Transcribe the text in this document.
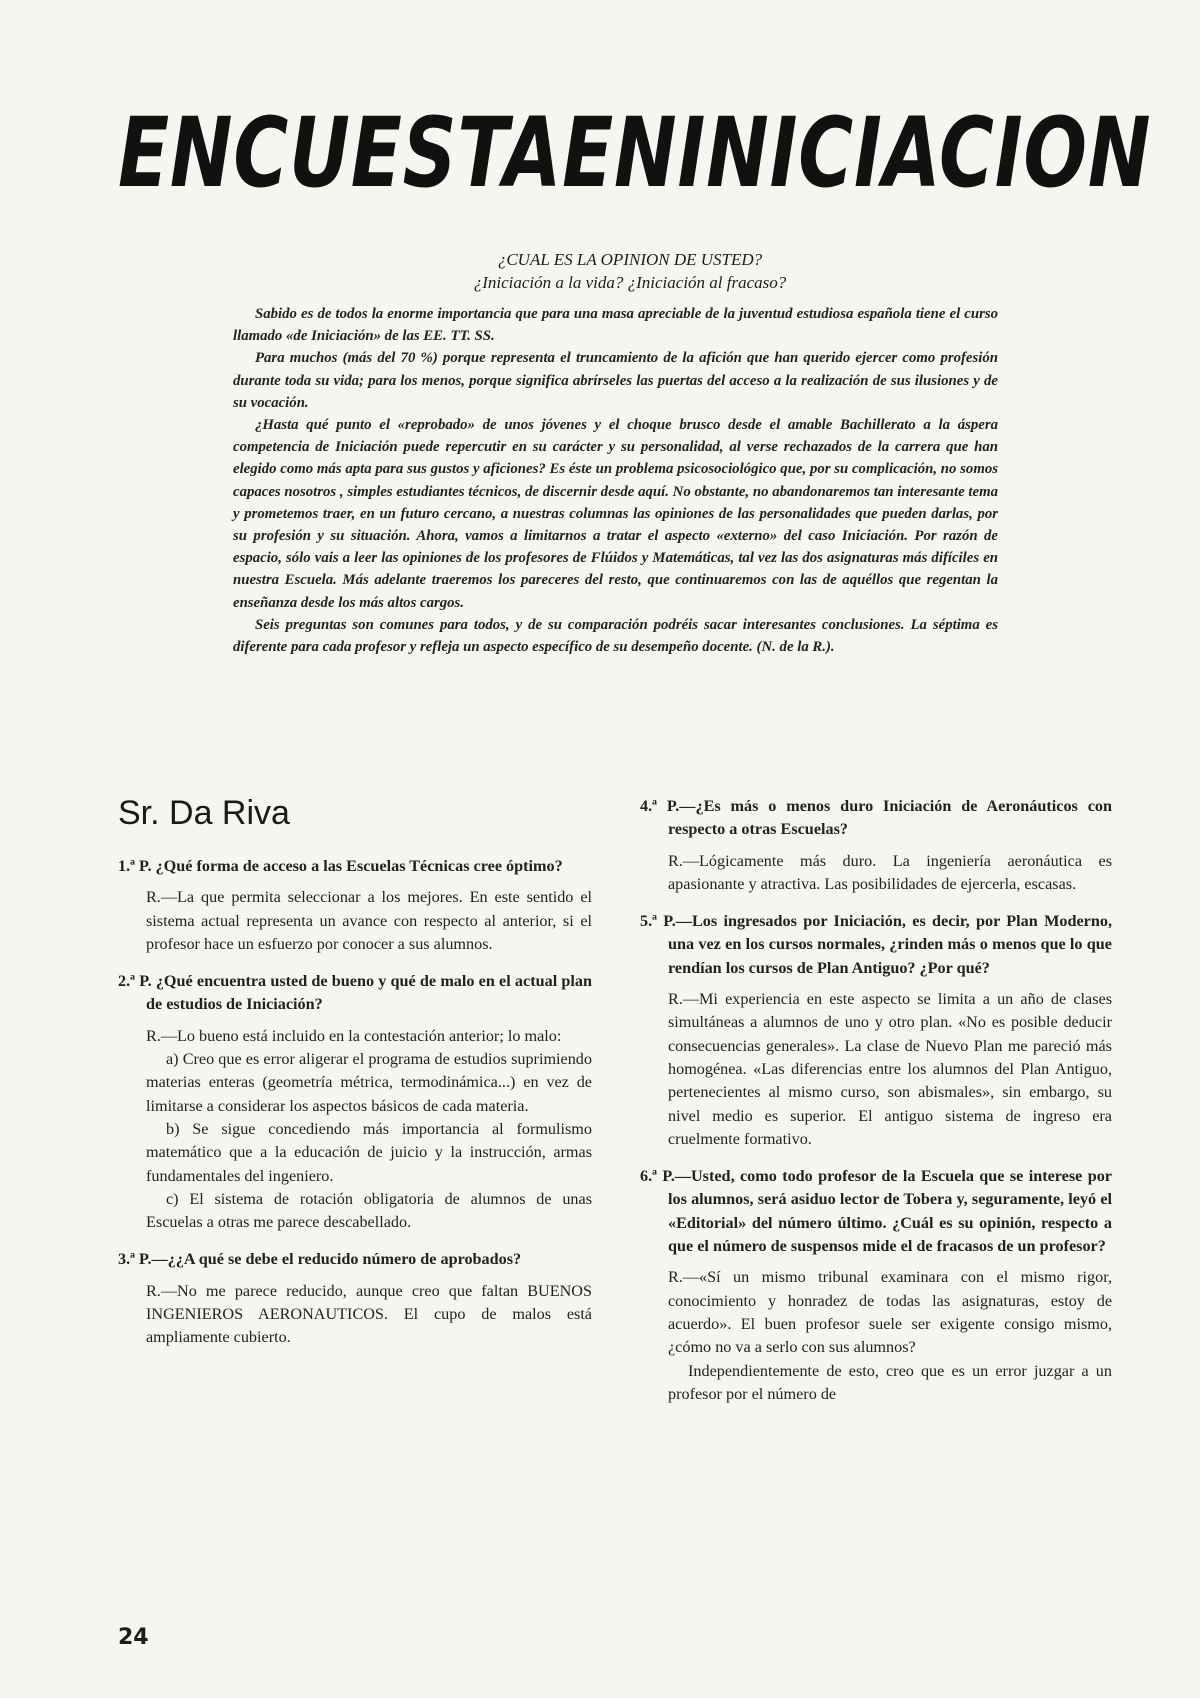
ENCUESTA EN INICIACION
¿CUAL ES LA OPINION DE USTED?
¿Iniciación a la vida? ¿Iniciación al fracaso?

Sabido es de todos la enorme importancia que para una masa apreciable de la juventud estudiosa española tiene el curso llamado «de Iniciación» de las EE. TT. SS.

Para muchos (más del 70 %) porque representa el truncamiento de la afición que han querido ejercer como profesión durante toda su vida; para los menos, porque significa abrírseles las puertas del acceso a la realización de sus ilusiones y de su vocación.

¿Hasta qué punto el «reprobado» de unos jóvenes y el choque brusco desde el amable Bachillerato a la áspera competencia de Iniciación puede repercutir en su carácter y su personalidad, al verse rechazados de la carrera que han elegido como más apta para sus gustos y aficiones? Es éste un problema psicosociológico que, por su complicación, no somos capaces nosotros , simples estudiantes técnicos, de discernir desde aquí. No obstante, no abandonaremos tan interesante tema y prometemos traer, en un futuro cercano, a nuestras columnas las opiniones de las personalidades que pueden darlas, por su profesión y su situación. Ahora, vamos a limitarnos a tratar el aspecto «externo» del caso Iniciación. Por razón de espacio, sólo vais a leer las opiniones de los profesores de Flúidos y Matemáticas, tal vez las dos asignaturas más difíciles en nuestra Escuela. Más adelante traeremos los pareceres del resto, que continuaremos con las de aquéllos que regentan la enseñanza desde los más altos cargos.

Seis preguntas son comunes para todos, y de su comparación podréis sacar interesantes conclusiones. La séptima es diferente para cada profesor y refleja un aspecto específico de su desempeño docente. (N. de la R.).

Sr. Da Riva
1.ª P. ¿Qué forma de acceso a las Escuelas Técnicas cree óptimo?

R.—La que permita seleccionar a los mejores. En este sentido el sistema actual representa un avance con respecto al anterior, si el profesor hace un esfuerzo por conocer a sus alumnos.

2.ª P. ¿Qué encuentra usted de bueno y qué de malo en el actual plan de estudios de Iniciación?

R.—Lo bueno está incluido en la contestación anterior; lo malo:

a) Creo que es error aligerar el programa de estudios suprimiendo materias enteras (geometría métrica, termodinámica...) en vez de limitarse a considerar los aspectos básicos de cada materia.

b) Se sigue concediendo más importancia al formulismo matemático que a la educación de juicio y la instrucción, armas fundamentales del ingeniero.

c) El sistema de rotación obligatoria de alumnos de unas Escuelas a otras me parece descabellado.

3.ª P.—¿¿A qué se debe el reducido número de aprobados?

R.—No me parece reducido, aunque creo que faltan BUENOS INGENIEROS AERONAUTICOS. El cupo de malos está ampliamente cubierto.

4.ª P.—¿Es más o menos duro Iniciación de Aeronáuticos con respecto a otras Escuelas?

R.—Lógicamente más duro. La ingeniería aeronáutica es apasionante y atractiva. Las posibilidades de ejercerla, escasas.

5.ª P.—Los ingresados por Iniciación, es decir, por Plan Moderno, una vez en los cursos normales, ¿rinden más o menos que lo que rendían los cursos de Plan Antiguo? ¿Por qué?

R.—Mi experiencia en este aspecto se limita a un año de clases simultáneas a alumnos de uno y otro plan. «No es posible deducir consecuencias generales». La clase de Nuevo Plan me pareció más homogénea. «Las diferencias entre los alumnos del Plan Antiguo, pertenecientes al mismo curso, son abismales», sin embargo, su nivel medio es superior. El antiguo sistema de ingreso era cruelmente formativo.

6.ª P.—Usted, como todo profesor de la Escuela que se interese por los alumnos, será asiduo lector de Tobera y, seguramente, leyó el «Editorial» del número último. ¿Cuál es su opinión, respecto a que el número de suspensos mide el de fracasos de un profesor?

R.—«Sí un mismo tribunal examinara con el mismo rigor, conocimiento y honradez de todas las asignaturas, estoy de acuerdo». El buen profesor suele ser exigente consigo mismo, ¿cómo no va a serlo con sus alumnos?

Independientemente de esto, creo que es un error juzgar a un profesor por el número de

24
